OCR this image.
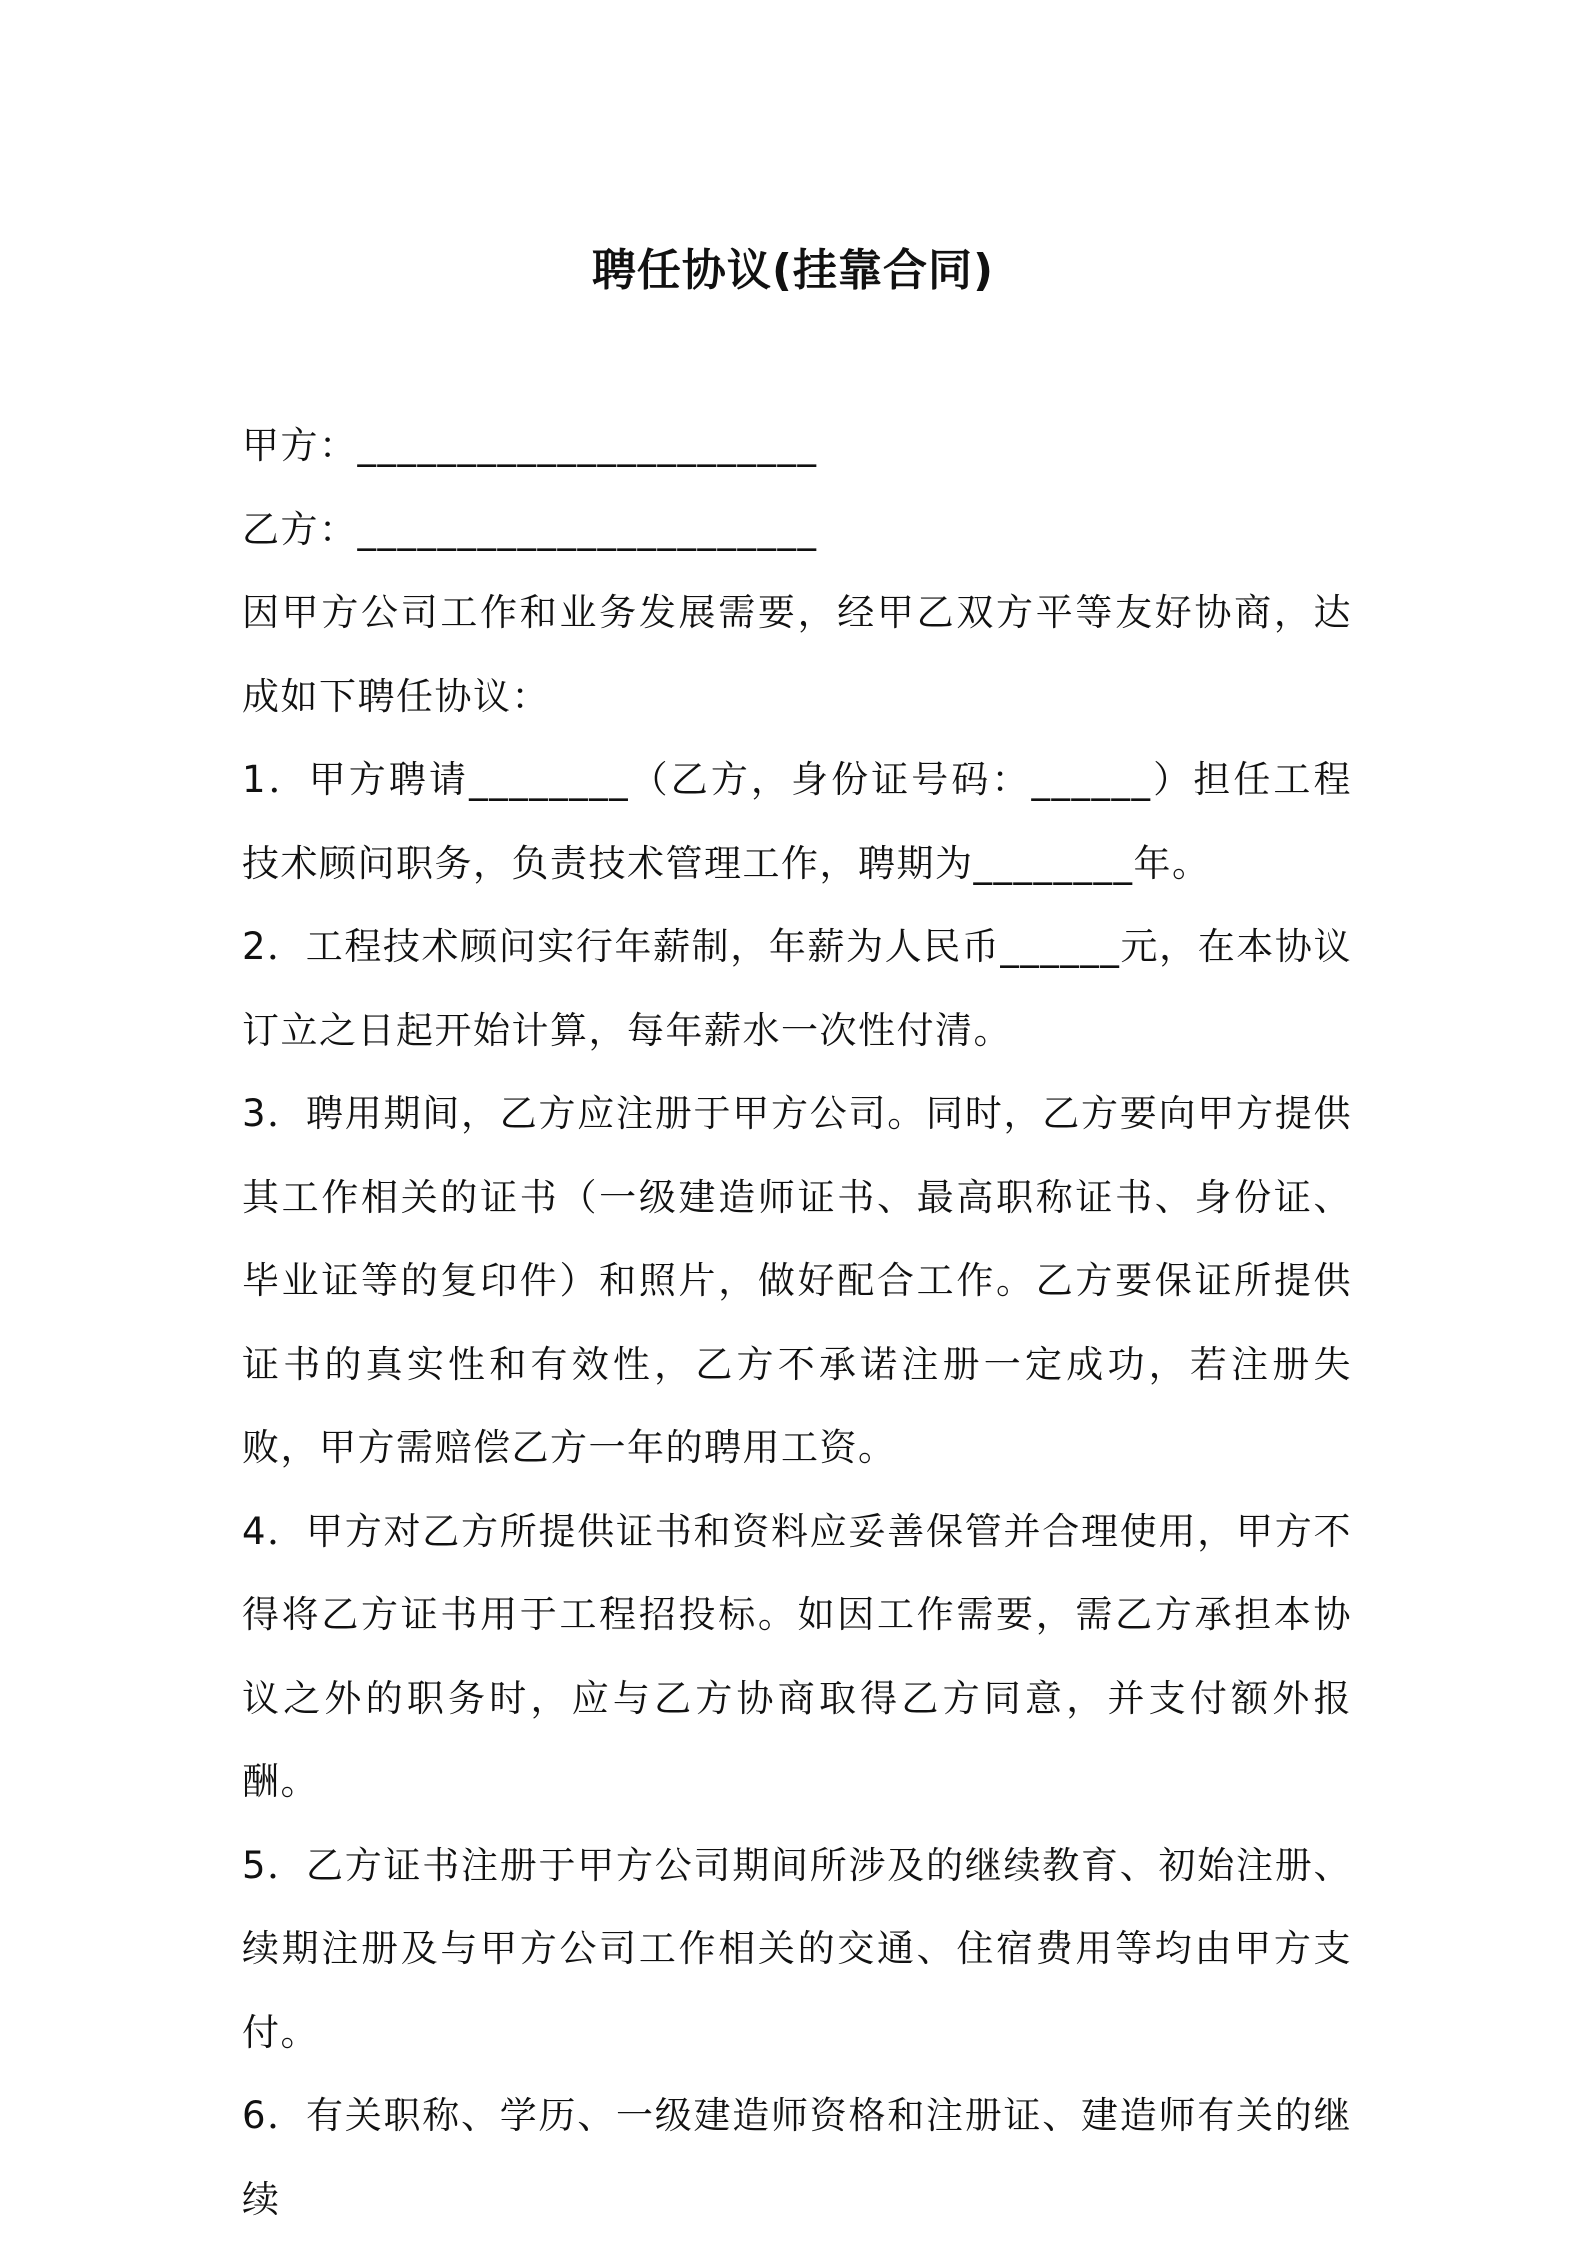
聘任协议(挂靠合同)

甲方：_______________________

乙方：_______________________

因甲方公司工作和业务发展需要，经甲乙双方平等友好协商，达成如下聘任协议：

1．甲方聘请________（乙方，身份证号码：______）担任工程技术顾问职务，负责技术管理工作，聘期为________年。

2．工程技术顾问实行年薪制，年薪为人民币______元，在本协议订立之日起开始计算，每年薪水一次性付清。

3．聘用期间，乙方应注册于甲方公司。同时，乙方要向甲方提供其工作相关的证书（一级建造师证书、最高职称证书、身份证、毕业证等的复印件）和照片，做好配合工作。乙方要保证所提供证书的真实性和有效性，乙方不承诺注册一定成功，若注册失败，甲方需赔偿乙方一年的聘用工资。

4．甲方对乙方所提供证书和资料应妥善保管并合理使用，甲方不得将乙方证书用于工程招投标。如因工作需要，需乙方承担本协议之外的职务时，应与乙方协商取得乙方同意，并支付额外报酬。

5．乙方证书注册于甲方公司期间所涉及的继续教育、初始注册、续期注册及与甲方公司工作相关的交通、住宿费用等均由甲方支付。

6．有关职称、学历、一级建造师资格和注册证、建造师有关的继续
